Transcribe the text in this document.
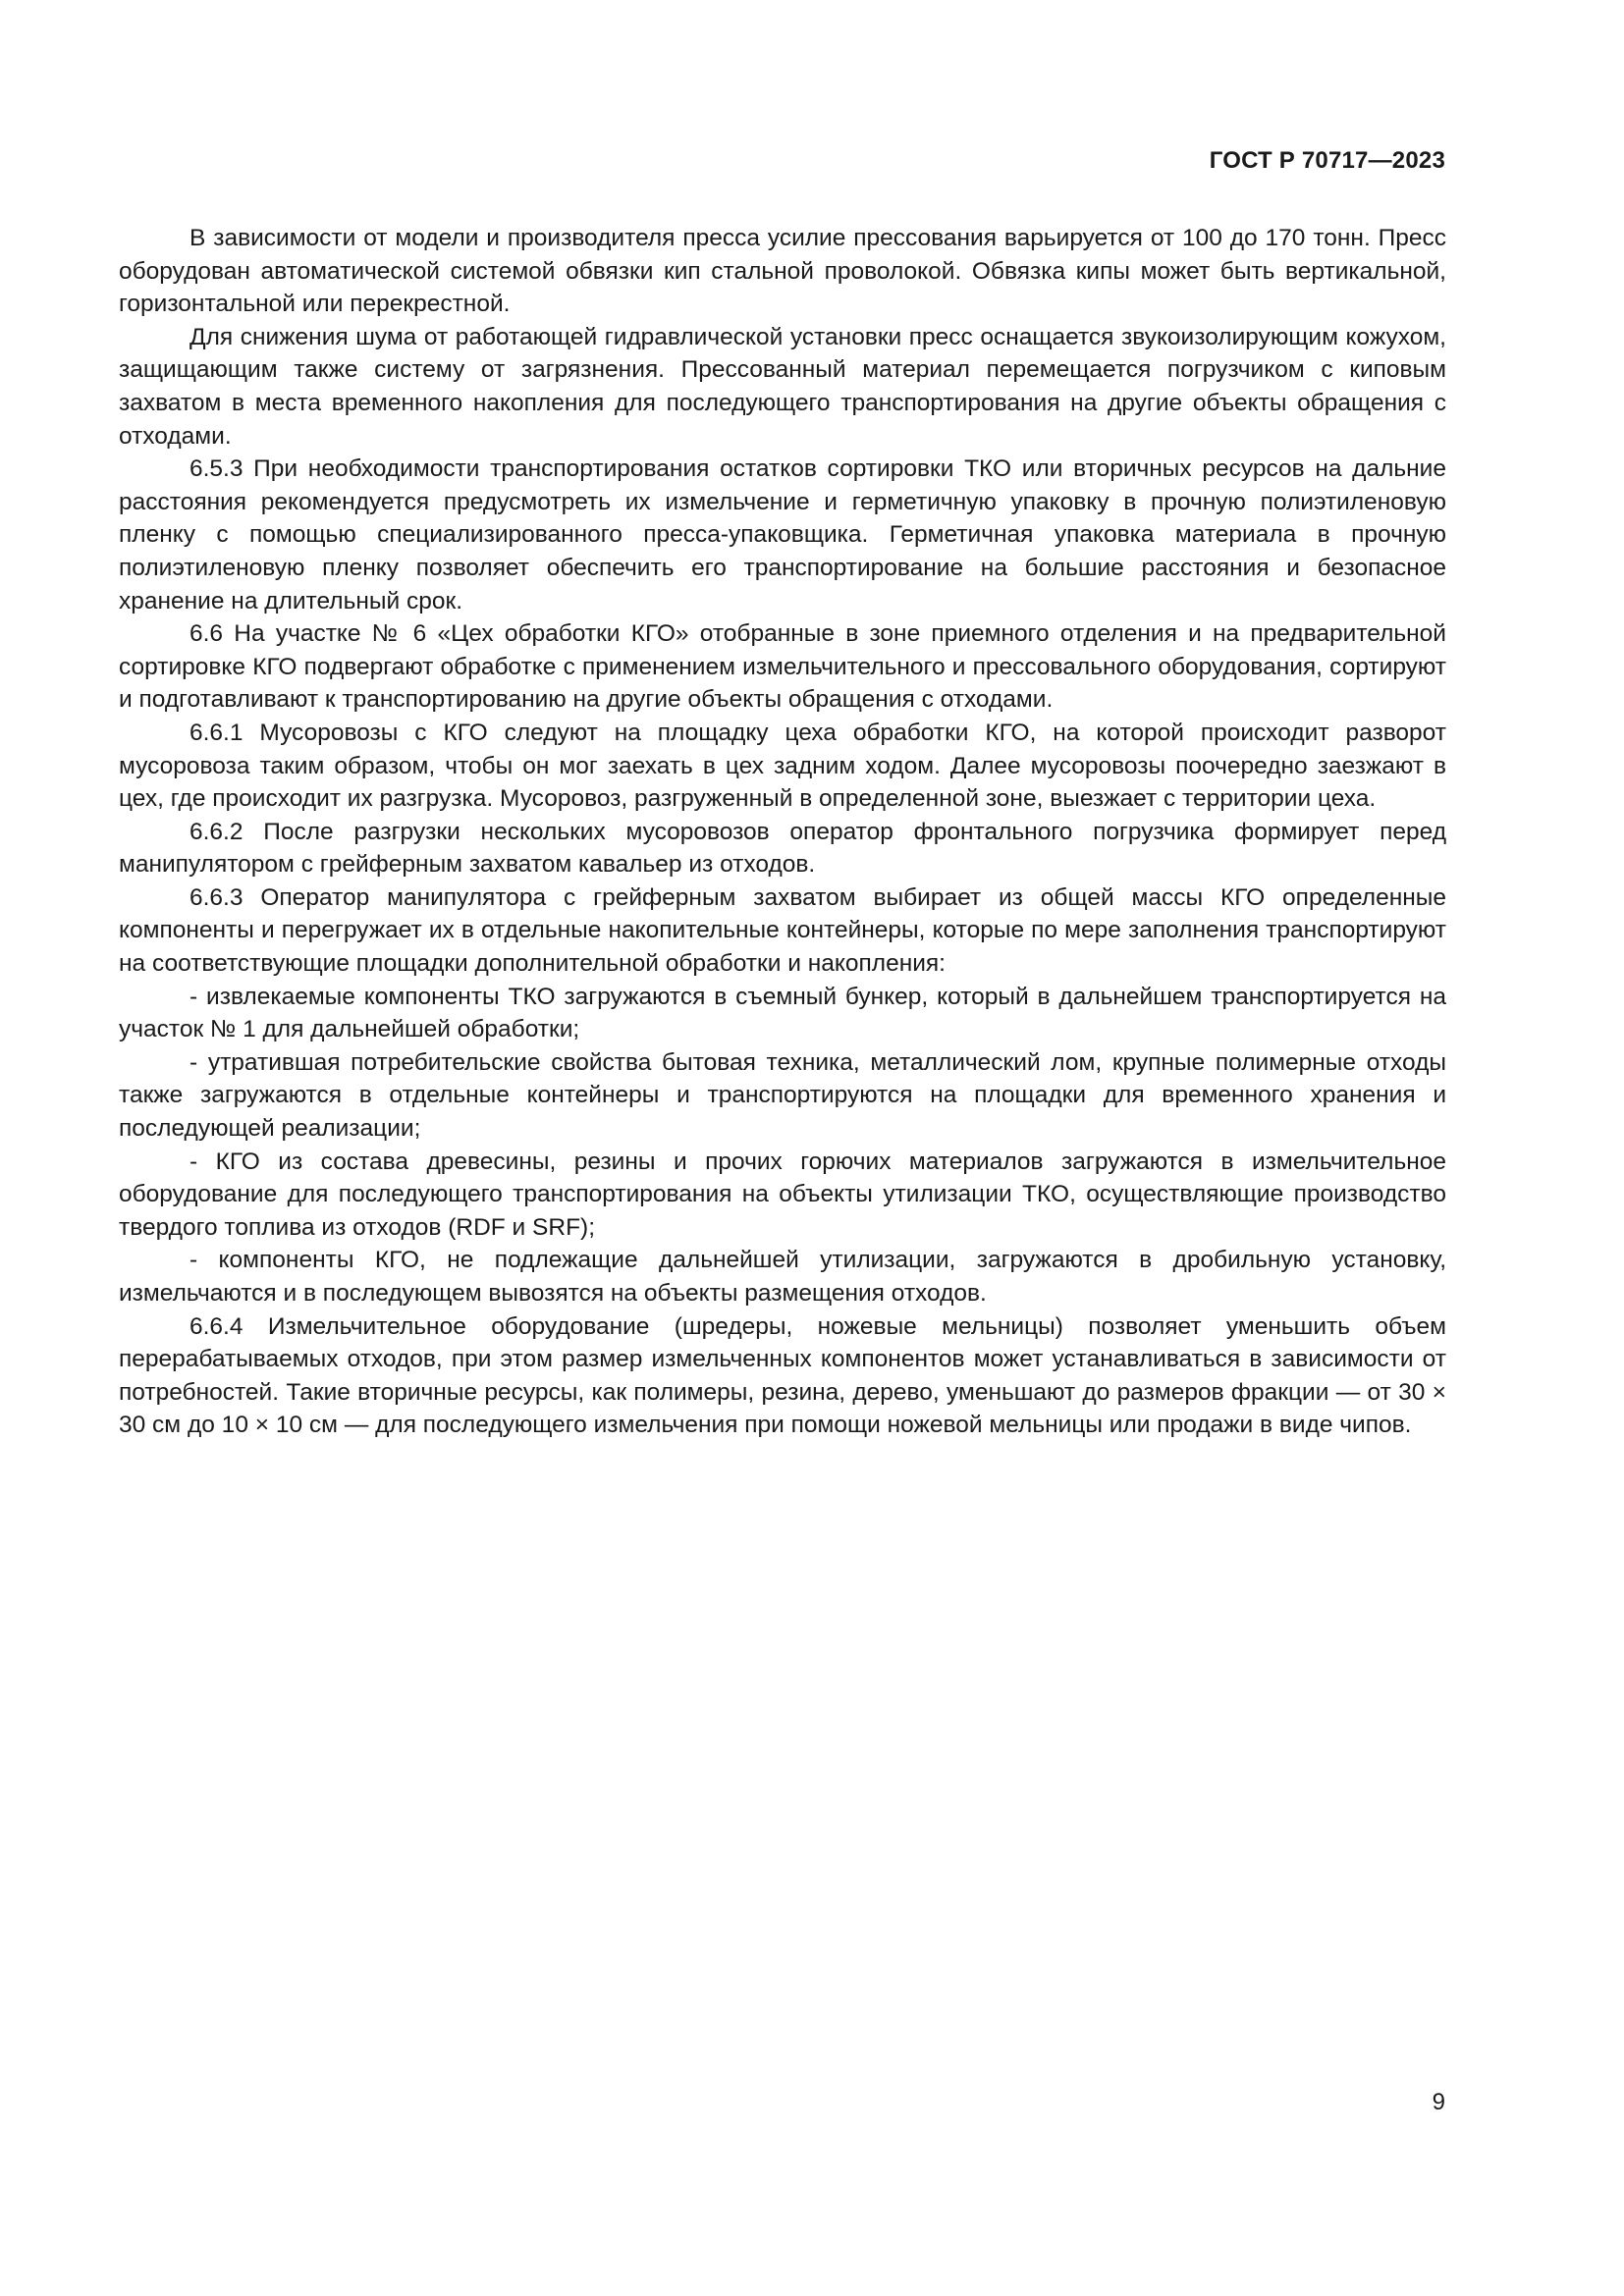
ГОСТ Р 70717—2023

В зависимости от модели и производителя пресса усилие прессования варьируется от 100 до 170 тонн. Пресс оборудован автоматической системой обвязки кип стальной проволокой. Обвязка кипы может быть вертикальной, горизонтальной или перекрестной.

Для снижения шума от работающей гидравлической установки пресс оснащается звукоизолирующим кожухом, защищающим также систему от загрязнения. Прессованный материал перемещается погрузчиком с киповым захватом в места временного накопления для последующего транспортирования на другие объекты обращения с отходами.

6.5.3 При необходимости транспортирования остатков сортировки ТКО или вторичных ресурсов на дальние расстояния рекомендуется предусмотреть их измельчение и герметичную упаковку в прочную полиэтиленовую пленку с помощью специализированного пресса-упаковщика. Герметичная упаковка материала в прочную полиэтиленовую пленку позволяет обеспечить его транспортирование на большие расстояния и безопасное хранение на длительный срок.

6.6 На участке № 6 «Цех обработки КГО» отобранные в зоне приемного отделения и на предварительной сортировке КГО подвергают обработке с применением измельчительного и прессовального оборудования, сортируют и подготавливают к транспортированию на другие объекты обращения с отходами.

6.6.1 Мусоровозы с КГО следуют на площадку цеха обработки КГО, на которой происходит разворот мусоровоза таким образом, чтобы он мог заехать в цех задним ходом. Далее мусоровозы поочередно заезжают в цех, где происходит их разгрузка. Мусоровоз, разгруженный в определенной зоне, выезжает с территории цеха.

6.6.2 После разгрузки нескольких мусоровозов оператор фронтального погрузчика формирует перед манипулятором с грейферным захватом кавальер из отходов.

6.6.3 Оператор манипулятора с грейферным захватом выбирает из общей массы КГО определенные компоненты и перегружает их в отдельные накопительные контейнеры, которые по мере заполнения транспортируют на соответствующие площадки дополнительной обработки и накопления:

- извлекаемые компоненты ТКО загружаются в съемный бункер, который в дальнейшем транспортируется на участок № 1 для дальнейшей обработки;

- утратившая потребительские свойства бытовая техника, металлический лом, крупные полимерные отходы также загружаются в отдельные контейнеры и транспортируются на площадки для временного хранения и последующей реализации;

- КГО из состава древесины, резины и прочих горючих материалов загружаются в измельчительное оборудование для последующего транспортирования на объекты утилизации ТКО, осуществляющие производство твердого топлива из отходов (RDF и SRF);

- компоненты КГО, не подлежащие дальнейшей утилизации, загружаются в дробильную установку, измельчаются и в последующем вывозятся на объекты размещения отходов.

6.6.4 Измельчительное оборудование (шредеры, ножевые мельницы) позволяет уменьшить объем перерабатываемых отходов, при этом размер измельченных компонентов может устанавливаться в зависимости от потребностей. Такие вторичные ресурсы, как полимеры, резина, дерево, уменьшают до размеров фракции — от 30 × 30 см до 10 × 10 см — для последующего измельчения при помощи ножевой мельницы или продажи в виде чипов.

9
